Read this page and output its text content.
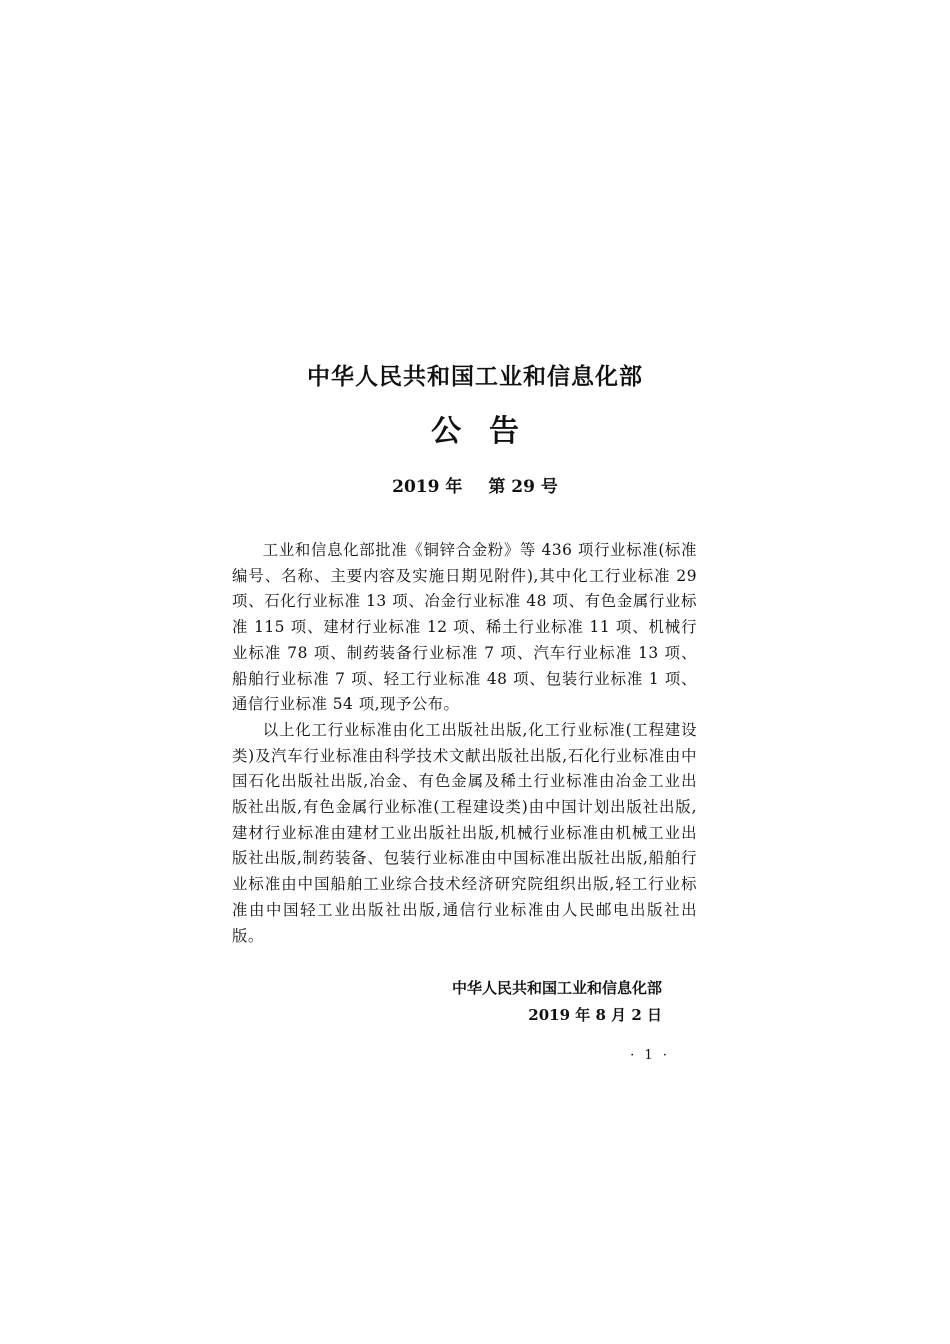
中华人民共和国工业和信息化部
公告
2019 年 第 29 号

工业和信息化部批准《铜锌合金粉》等 436 项行业标准(标准编号、名称、主要内容及实施日期见附件),其中化工行业标准 29 项、石化行业标准 13 项、冶金行业标准 48 项、有色金属行业标准 115 项、建材行业标准 12 项、稀土行业标准 11 项、机械行业标准 78 项、制药装备行业标准 7 项、汽车行业标准 13 项、船舶行业标准 7 项、轻工行业标准 48 项、包装行业标准 1 项、通信行业标准 54 项,现予公布。

以上化工行业标准由化工出版社出版,化工行业标准(工程建设类)及汽车行业标准由科学技术文献出版社出版,石化行业标准由中国石化出版社出版,冶金、有色金属及稀土行业标准由冶金工业出版社出版,有色金属行业标准(工程建设类)由中国计划出版社出版,建材行业标准由建材工业出版社出版,机械行业标准由机械工业出版社出版,制药装备、包装行业标准由中国标准出版社出版,船舶行业标准由中国船舶工业综合技术经济研究院组织出版,轻工行业标准由中国轻工业出版社出版,通信行业标准由人民邮电出版社出版。

中华人民共和国工业和信息化部
2019 年 8 月 2 日
· 1 ·
